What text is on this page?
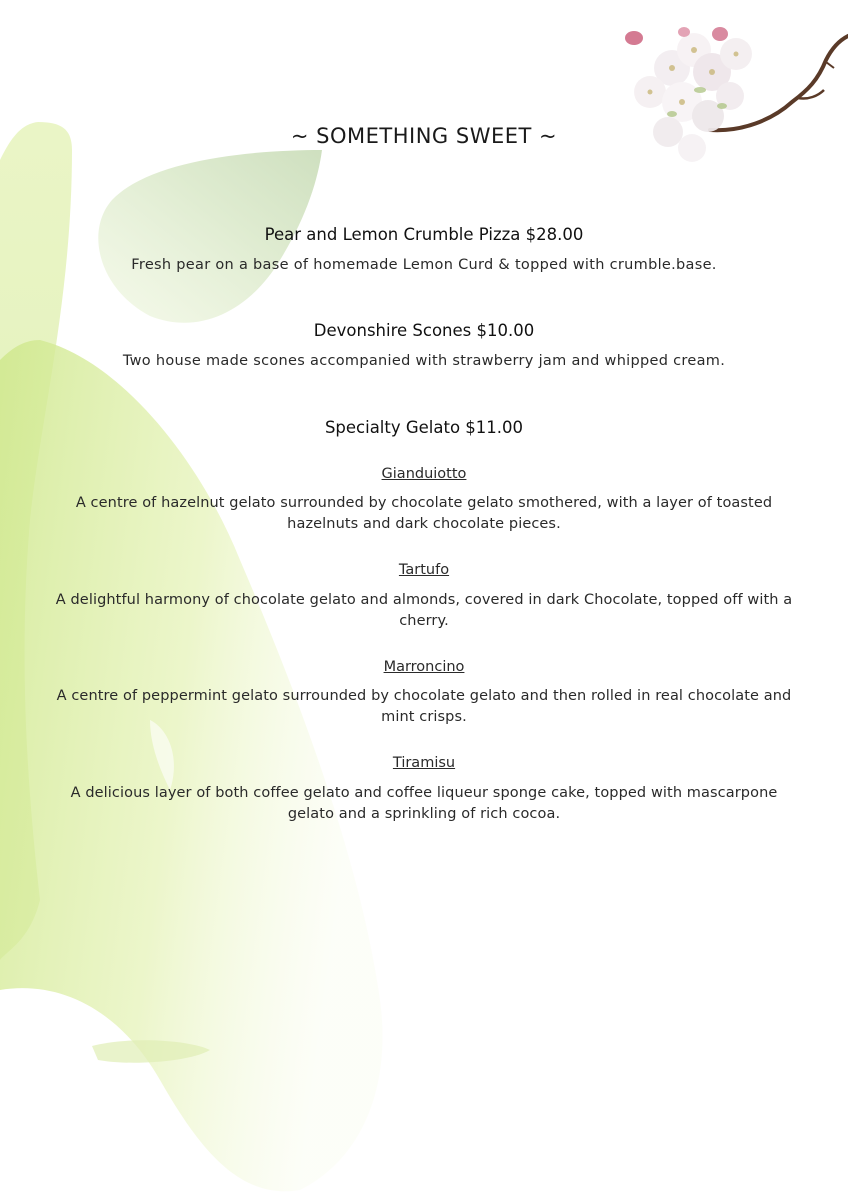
~ SOMETHING SWEET ~
Pear and Lemon Crumble Pizza $28.00
Fresh pear on a base of homemade Lemon Curd & topped with crumble.base.
Devonshire Scones $10.00
Two house made scones accompanied with strawberry jam and whipped cream.
Specialty Gelato $11.00
Gianduiotto
A centre of hazelnut gelato surrounded by chocolate gelato smothered, with a layer of toasted hazelnuts and dark chocolate pieces.
Tartufo
A delightful harmony of chocolate gelato and almonds, covered in dark Chocolate, topped off with a cherry.
Marroncino
A centre of peppermint gelato surrounded by chocolate gelato and then rolled in real chocolate and mint crisps.
Tiramisu
A delicious layer of both coffee gelato and coffee liqueur sponge cake, topped with mascarpone gelato and a sprinkling of rich cocoa.
